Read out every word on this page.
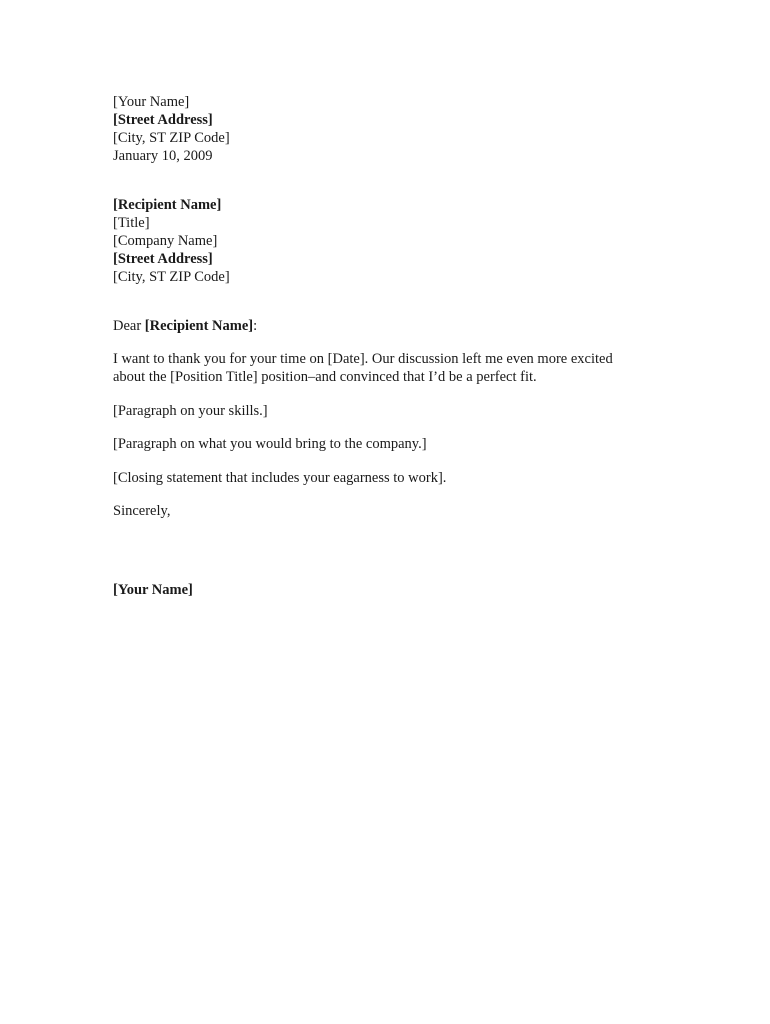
[Your Name]
[Street Address]
[City, ST ZIP Code]
January 10, 2009
[Recipient Name]
[Title]
[Company Name]
[Street Address]
[City, ST ZIP Code]
Dear [Recipient Name]:
I want to thank you for your time on [Date]. Our discussion left me even more excited
about the [Position Title] position–and convinced that I’d be a perfect fit.
[Paragraph on your skills.]
[Paragraph on what you would bring to the company.]
[Closing statement that includes your eagarness to work].
Sincerely,
[Your Name]
